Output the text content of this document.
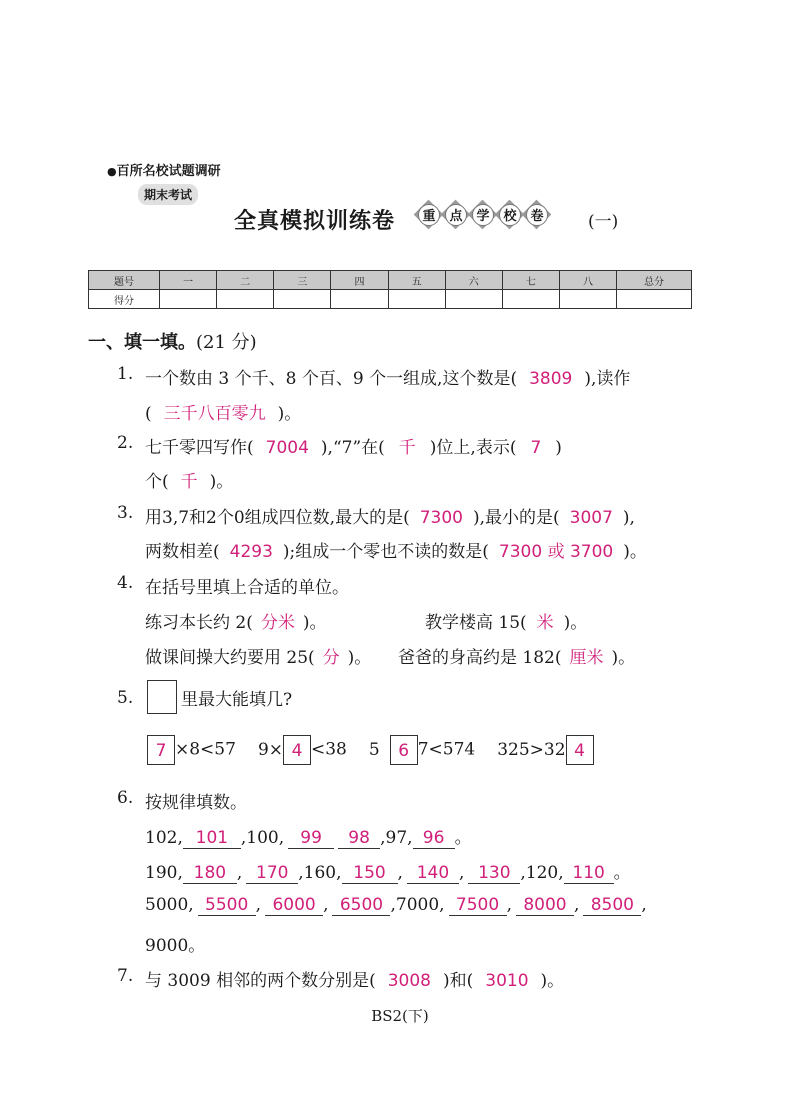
●百所名校试题调研
期末考试
全真模拟训练卷	重	点	学	校	卷	(一)
题号	一	二	三	四	五	六	七	八	总分
得分									
一、填一填。(21 分)
1. 一个数由 3 个千、8 个百、9 个一组成,这个数是( 3809 ),读作
( 三千八百零九 )。
2. 七千零四写作( 7004 ),“7”在( 千 )位上,表示( 7 )
个( 千 )。
3. 用3,7和2个0组成四位数,最大的是( 7300 ),最小的是( 3007 ),
两数相差( 4293 );组成一个零也不读的数是( 7300 或 3700 )。
4. 在括号里填上合适的单位。
练习本长约 2( 分米 )。	教学楼高 15( 米 )。
做课间操大约要用 25( 分 )。 爸爸的身高约是 182( 厘米 )。
5.	里最大能填几?
7 ×8<57 9× 4 <38 5 6 7<574 325>32 4
6. 按规律填数。
102, 101 ,100, 99 98 ,97, 96 。
190, 180 , 170 ,160, 150 , 140 , 130 ,120, 110 。
5000, 5500 , 6000 , 6500 ,7000, 7500 , 8000 , 8500 ,
9000。
7. 与 3009 相邻的两个数分别是( 3008 )和( 3010 )。
BS2(下)
